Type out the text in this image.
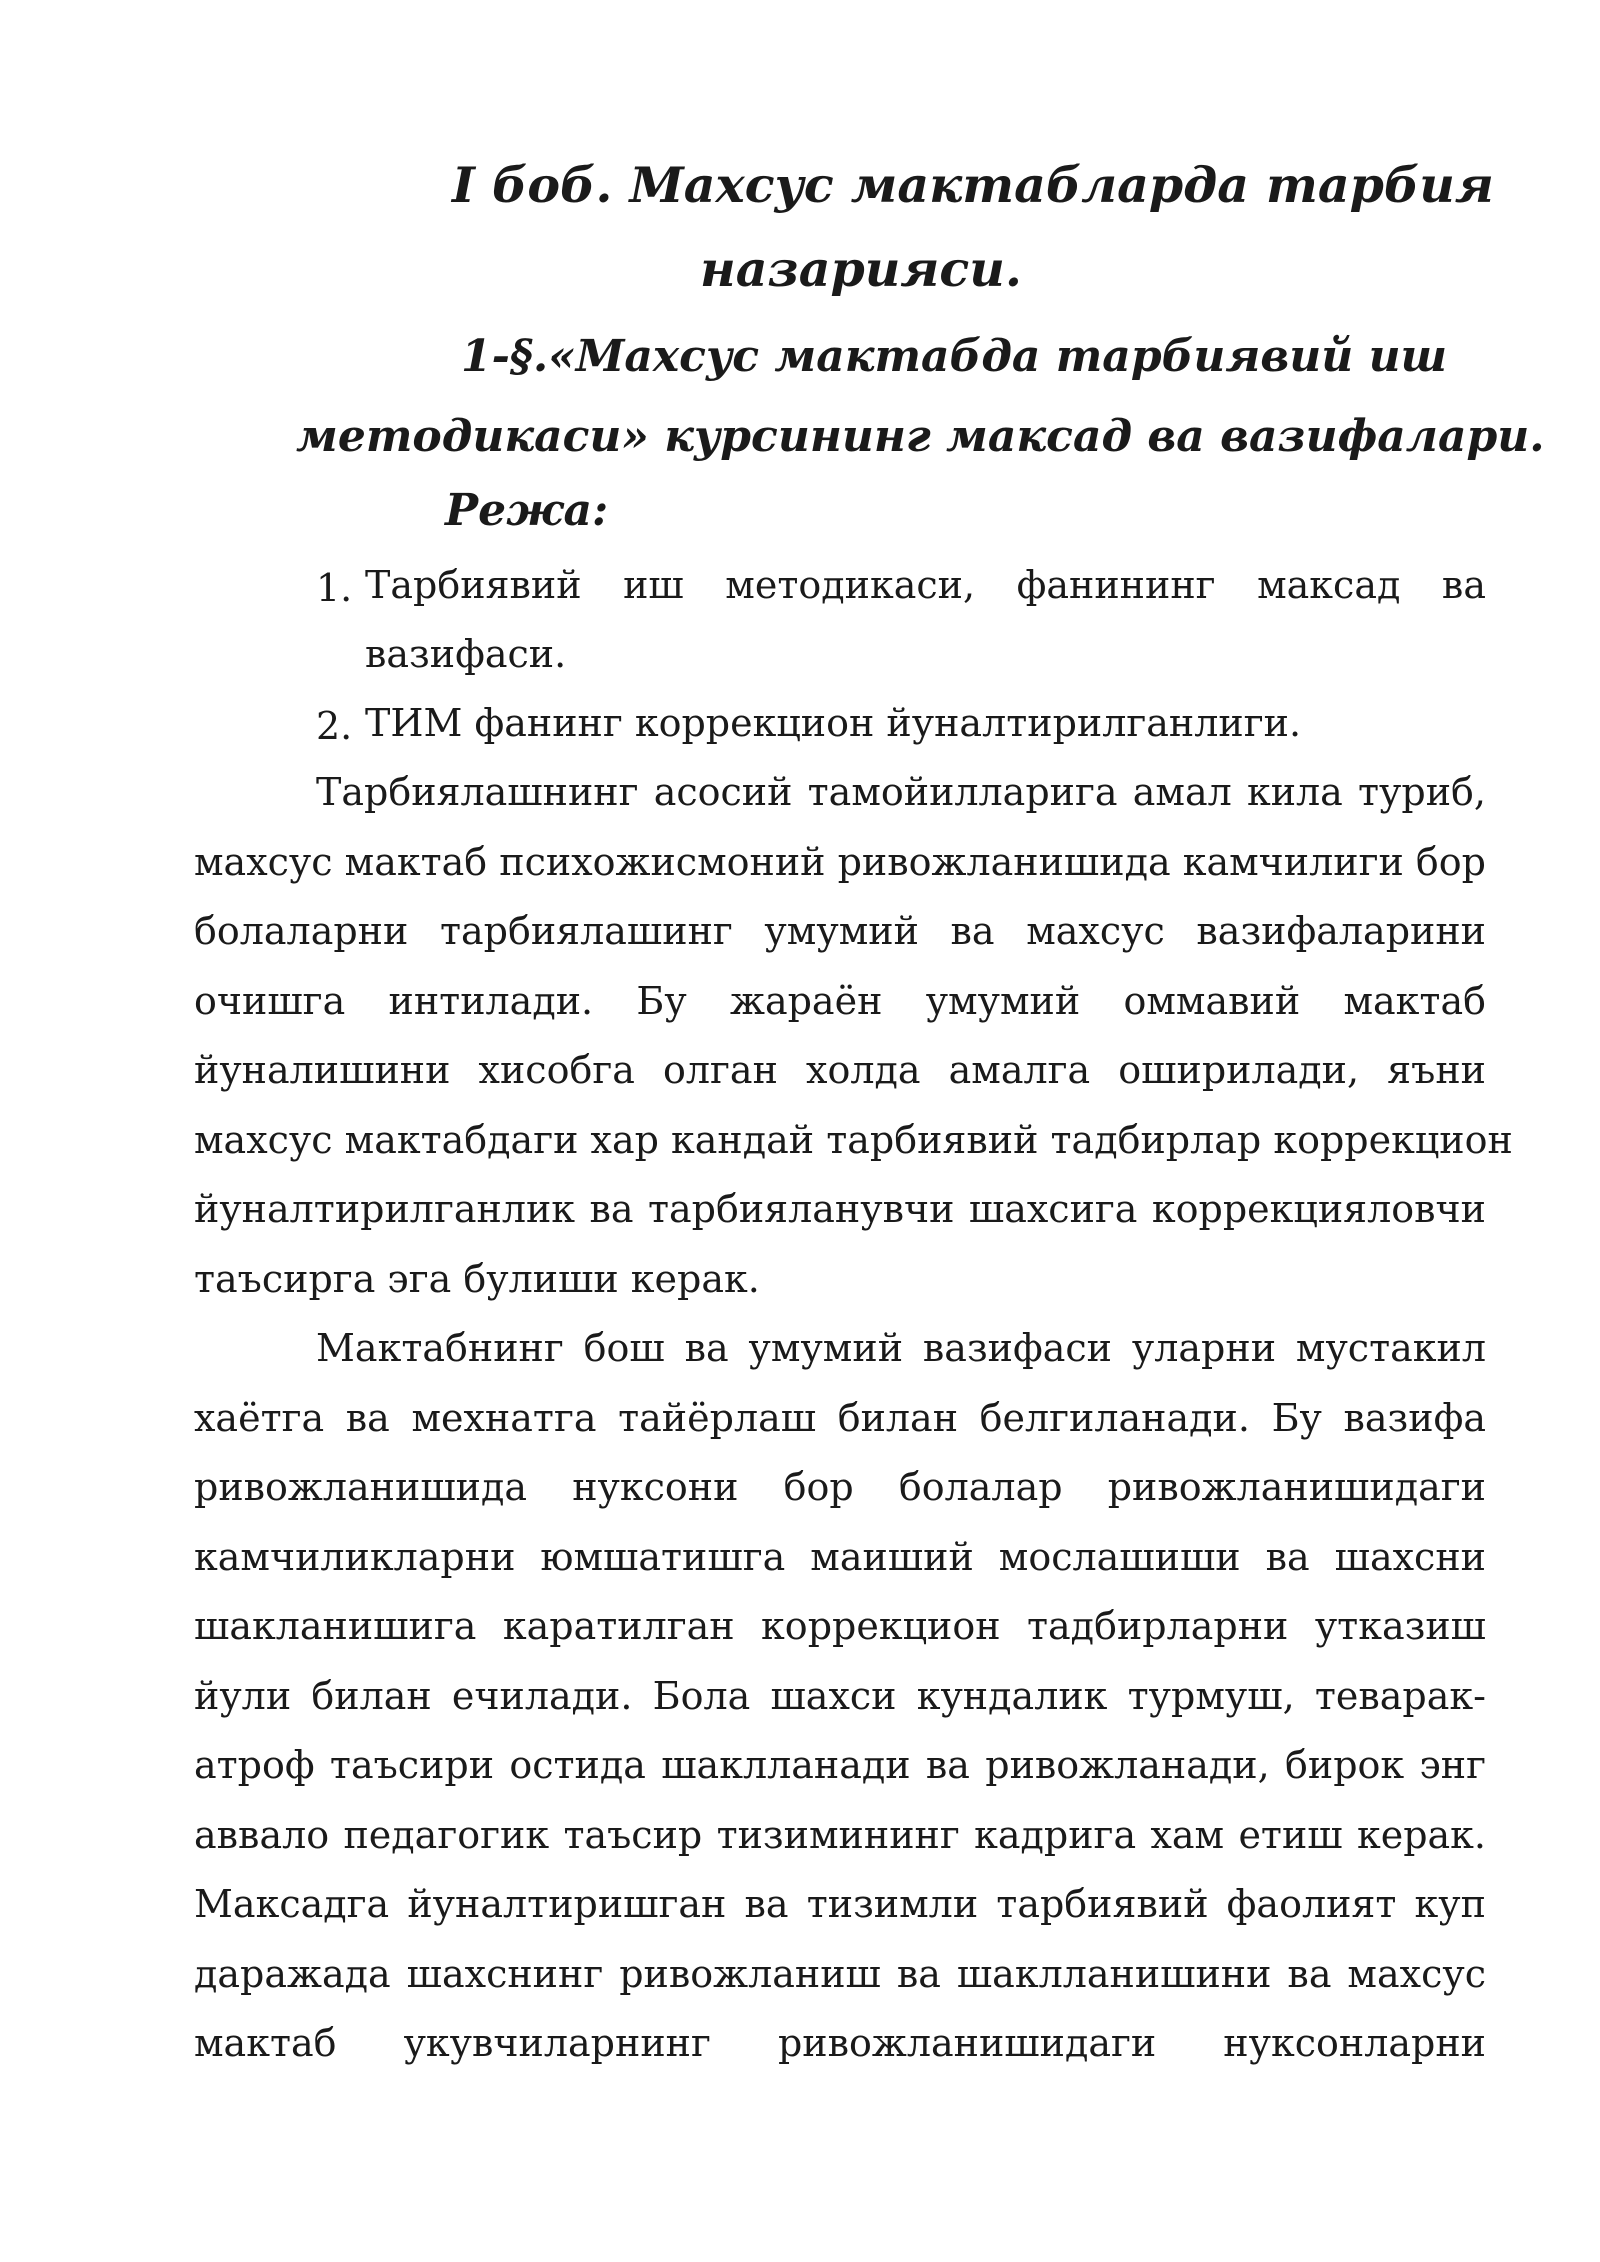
I боб. Махсус мактабларда тарбия
назарияси.
1-§.«Махсус мактабда тарбиявий иш
методикаси» курсининг максад ва вазифалари.
Режа:
1. Тарбиявий иш методикаси, фанининг максад ва
вазифаси.
2. ТИМ фанинг коррекцион йуналтирилганлиги.
Тарбиялашнинг асосий тамойилларига амал кила туриб,
махсус мактаб психожисмоний ривожланишида камчилиги бор
болаларни тарбиялашинг умумий ва махсус вазифаларини
очишга интилади. Бу жараён умумий оммавий мактаб
йуналишини хисобга олган холда амалга оширилади, яъни
махсус мактабдаги хар кандай тарбиявий тадбирлар коррекцион
йуналтирилганлик ва тарбияланувчи шахсига коррекцияловчи
таъсирга эга булиши керак.
Мактабнинг бош ва умумий вазифаси уларни мустакил
хаётга ва мехнатга тайёрлаш билан белгиланади. Бу вазифа
ривожланишида нуксони бор болалар ривожланишидаги
камчиликларни юмшатишга маиший мослашиши ва шахсни
шакланишига каратилган коррекцион тадбирларни утказиш
йули билан ечилади. Бола шахси кундалик турмуш, теварак-
атроф таъсири остида шаклланади ва ривожланади, бирок энг
аввало педагогик таъсир тизимининг кадрига хам етиш керак.
Максадга йуналтиришган ва тизимли тарбиявий фаолият куп
даражада шахснинг ривожланиш ва шаклланишини ва махсус
мактаб укувчиларнинг ривожланишидаги нуксонларни
